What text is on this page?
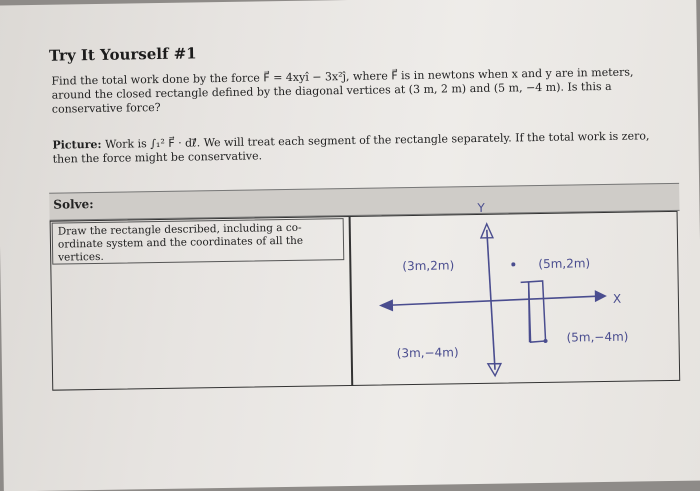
Try It Yourself #1
Find the total work done by the force F⃗ = 4xyî − 3x²ĵ, where F⃗ is in newtons when x and y are in meters, around the closed rectangle defined by the diagonal vertices at (3 m, 2 m) and (5 m, −4 m). Is this a conservative force?
Picture: Work is ∫₁² F⃗ · dℓ⃗. We will treat each segment of the rectangle separately. If the total work is zero, then the force might be conservative.
Solve:
Draw the rectangle described, including a co-ordinate system and the coordinates of all the vertices.
Y
X
(3m,2m)	(5m,2m)
(3m,−4m)
(5m,−4m)
